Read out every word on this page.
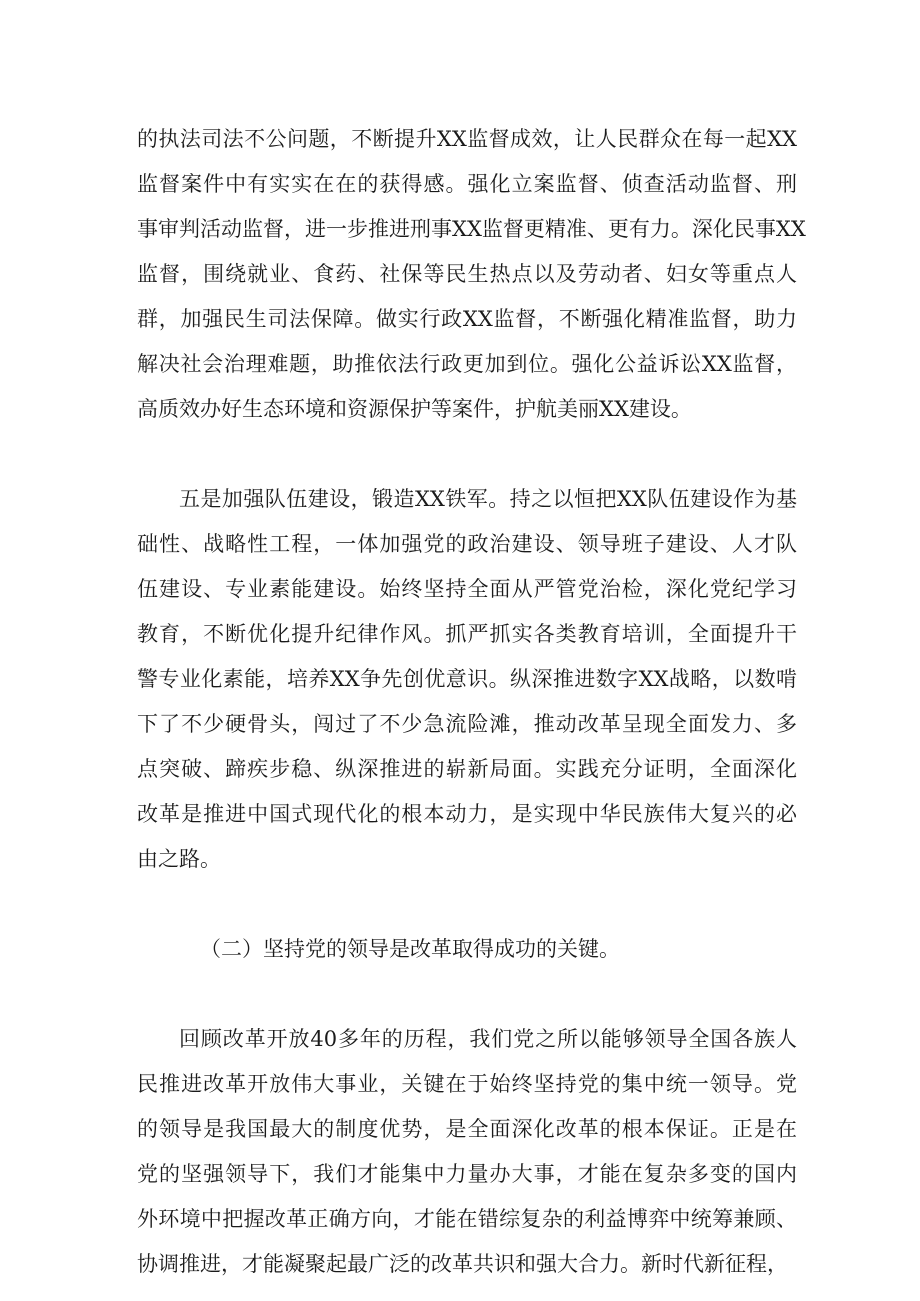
的执法司法不公问题，不断提升XX监督成效，让人民群众在每一起XX
监督案件中有实实在在的获得感。强化立案监督、侦查活动监督、刑
事审判活动监督，进一步推进刑事XX监督更精准、更有力。深化民事XX
监督，围绕就业、食药、社保等民生热点以及劳动者、妇女等重点人
群，加强民生司法保障。做实行政XX监督，不断强化精准监督，助力
解决社会治理难题，助推依法行政更加到位。强化公益诉讼XX监督，
高质效办好生态环境和资源保护等案件，护航美丽XX建设。
五是加强队伍建设，锻造XX铁军。持之以恒把XX队伍建设作为基
础性、战略性工程，一体加强党的政治建设、领导班子建设、人才队
伍建设、专业素能建设。始终坚持全面从严管党治检，深化党纪学习
教育，不断优化提升纪律作风。抓严抓实各类教育培训，全面提升干
警专业化素能，培养XX争先创优意识。纵深推进数字XX战略，以数啃
下了不少硬骨头，闯过了不少急流险滩，推动改革呈现全面发力、多
点突破、蹄疾步稳、纵深推进的崭新局面。实践充分证明，全面深化
改革是推进中国式现代化的根本动力，是实现中华民族伟大复兴的必
由之路。
（二）坚持党的领导是改革取得成功的关键。
回顾改革开放40多年的历程，我们党之所以能够领导全国各族人
民推进改革开放伟大事业，关键在于始终坚持党的集中统一领导。党
的领导是我国最大的制度优势，是全面深化改革的根本保证。正是在
党的坚强领导下，我们才能集中力量办大事，才能在复杂多变的国内
外环境中把握改革正确方向，才能在错综复杂的利益博弈中统筹兼顾、
协调推进，才能凝聚起最广泛的改革共识和强大合力。新时代新征程，
